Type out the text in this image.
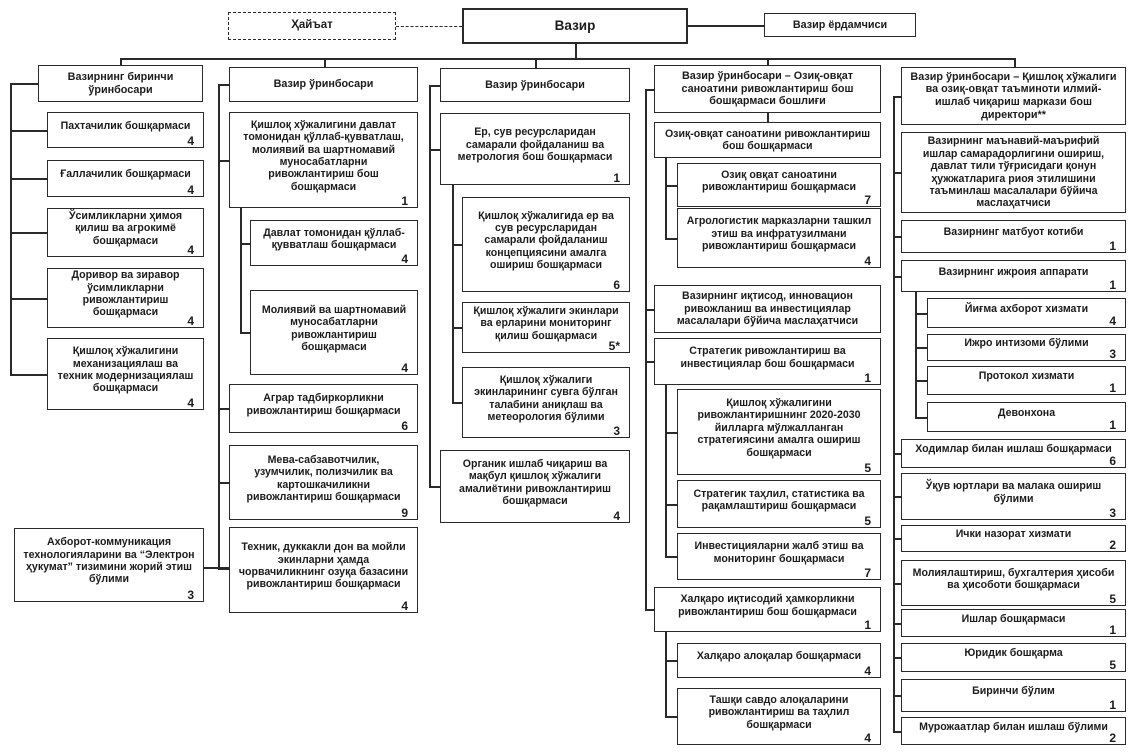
Ҳайъат	Вазир	Вазир ёрдамчиси
Вазирнинг биринчи ўринбосари
Пахтачилик бошқармаси
4
Ғаллачилик бошқармаси
4
Ўсимликларни ҳимоя қилиш ва агрокимё бошқармаси
4
Доривор ва зиравор ўсимликларни ривожлантириш бошқармаси
4
Қишлоқ хўжалигини механизациялаш ва техник модернизациялаш бошқармаси
4
Ахборот-коммуникация технологияларини ва “Электрон ҳукумат” тизимини жорий этиш бўлими
3
Вазир ўринбосари
Қишлоқ хўжалигини давлат томонидан қўллаб-қувватлаш, молиявий ва шартномавий муносабатларни ривожлантириш бош бошқармаси
1
Давлат томонидан қўллаб-қувватлаш бошқармаси
4
Молиявий ва шартномавий муносабатларни ривожлантириш бошқармаси
4
Аграр тадбиркорликни ривожлантириш бошқармаси
6
Мева-сабзавотчилик, узумчилик, полизчилик ва картошкачиликни ривожлантириш бошқармаси
9
Техник, дуккакли дон ва мойли экинларни ҳамда чорвачиликнинг озуқа базасини ривожлантириш бошқармаси
4
Вазир ўринбосари
Ер, сув ресурсларидан самарали фойдаланиш ва метрология бош бошқармаси
1
Қишлоқ хўжалигида ер ва сув ресурсларидан самарали фойдаланиш концепциясини амалга ошириш бошқармаси
6
Қишлоқ хўжалиги экинлари ва ерларини мониторинг қилиш бошқармаси
5*
Қишлоқ хўжалиги экинларининг сувга бўлган талабини аниқлаш ва метеорология бўлими
3
Органик ишлаб чиқариш ва мақбул қишлоқ хўжалиги амалиётини ривожлантириш бошқармаси
4
Вазир ўринбосари – Озиқ-овқат саноатини ривожлантириш бош бошқармаси бошлиғи
Озиқ-овқат саноатини ривожлантириш бош бошқармаси
Озиқ овқат саноатини ривожлантириш бошқармаси
7
Агрологистик марказларни ташкил этиш ва инфратузилмани ривожлантириш бошқармаси
4
Вазирнинг иқтисод, инновацион ривожланиш ва инвестициялар масалалари бўйича маслаҳатчиси
Стратегик ривожлантириш ва инвестициялар бош бошқармаси
1
Қишлоқ хўжалигини ривожлантиришнинг 2020-2030 йилларга мўлжалланган стратегиясини амалга ошириш бошқармаси
5
Стратегик таҳлил, статистика ва рақамлаштириш бошқармаси
5
Инвестицияларни жалб этиш ва мониторинг бошқармаси
7
Халқаро иқтисодий ҳамкорликни ривожлантириш бош бошқармаси
1
Халқаро алоқалар бошқармаси
4
Ташқи савдо алоқаларини ривожлантириш ва таҳлил бошқармаси
4
Вазир ўринбосари – Қишлоқ хўжалиги ва озиқ-овқат таъминоти илмий-ишлаб чиқариш маркази бош директори**
Вазирнинг маънавий-маърифий ишлар самарадорлигини ошириш, давлат тили тўғрисидаги қонун ҳужжатларига риоя этилишини таъминлаш масалалари бўйича маслаҳатчиси
Вазирнинг матбуот котиби
1
Вазирнинг ижроия аппарати
1
Йиғма ахборот хизмати
4
Ижро интизоми бўлими
3
Протокол хизмати
1
Девонхона
1
Ходимлар билан ишлаш бошқармаси
6
Ўқув юртлари ва малака ошириш бўлими
3
Ички назорат хизмати
2
Молиялаштириш, бухгалтерия ҳисоби ва ҳисоботи бошқармаси
5
Ишлар бошқармаси
1
Юридик бошқарма
5
Биринчи бўлим
1
Мурожаатлар билан ишлаш бўлими
2
